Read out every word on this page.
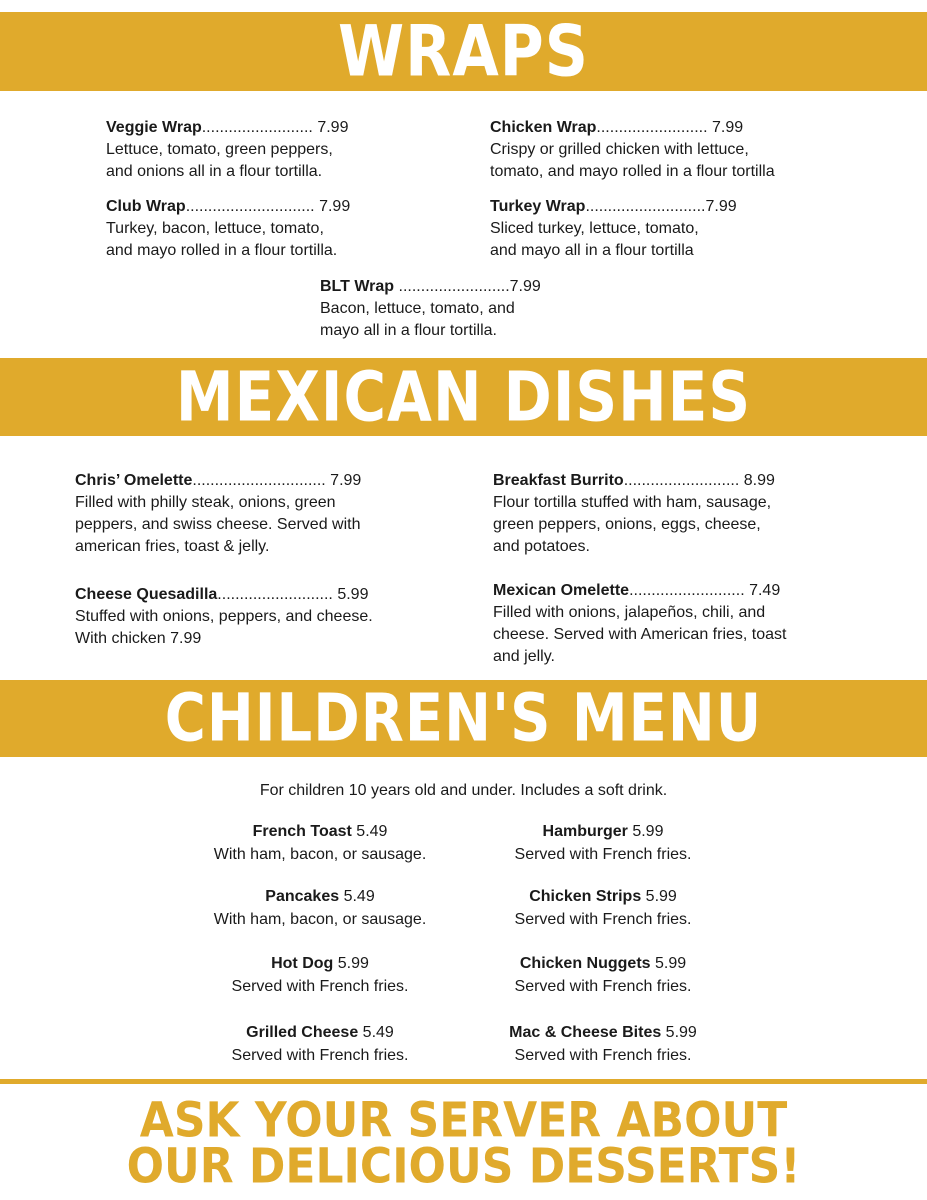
WRAPS
Veggie Wrap......................... 7.99
Lettuce, tomato, green peppers,
and onions all in a flour tortilla.
Chicken Wrap......................... 7.99
Crispy or grilled chicken with lettuce,
tomato, and mayo rolled in a flour tortilla
Club Wrap............................. 7.99
Turkey, bacon, lettuce, tomato,
and mayo rolled in a flour tortilla.
Turkey Wrap...........................7.99
Sliced turkey, lettuce, tomato,
and mayo all in a flour tortilla
BLT Wrap .........................7.99
Bacon, lettuce, tomato, and
mayo all in a flour tortilla.
MEXICAN DISHES
Chris’ Omelette.............................. 7.99
Filled with philly steak, onions, green
peppers, and swiss cheese. Served with
american fries, toast & jelly.
Breakfast Burrito.......................... 8.99
Flour tortilla stuffed with ham, sausage,
green peppers, onions, eggs, cheese,
and potatoes.
Cheese Quesadilla.......................... 5.99
Stuffed with onions, peppers, and cheese.
With chicken 7.99
Mexican Omelette.......................... 7.49
Filled with onions, jalapeños, chili, and
cheese. Served with American fries, toast
and jelly.
CHILDREN'S MENU
For children 10 years old and under. Includes a soft drink.
French Toast 5.49
With ham, bacon, or sausage.
Hamburger 5.99
Served with French fries.
Pancakes 5.49
With ham, bacon, or sausage.
Chicken Strips 5.99
Served with French fries.
Hot Dog 5.99
Served with French fries.
Chicken Nuggets 5.99
Served with French fries.
Grilled Cheese 5.49
Served with French fries.
Mac & Cheese Bites 5.99
Served with French fries.
ASK YOUR SERVER ABOUT
OUR DELICIOUS DESSERTS!
